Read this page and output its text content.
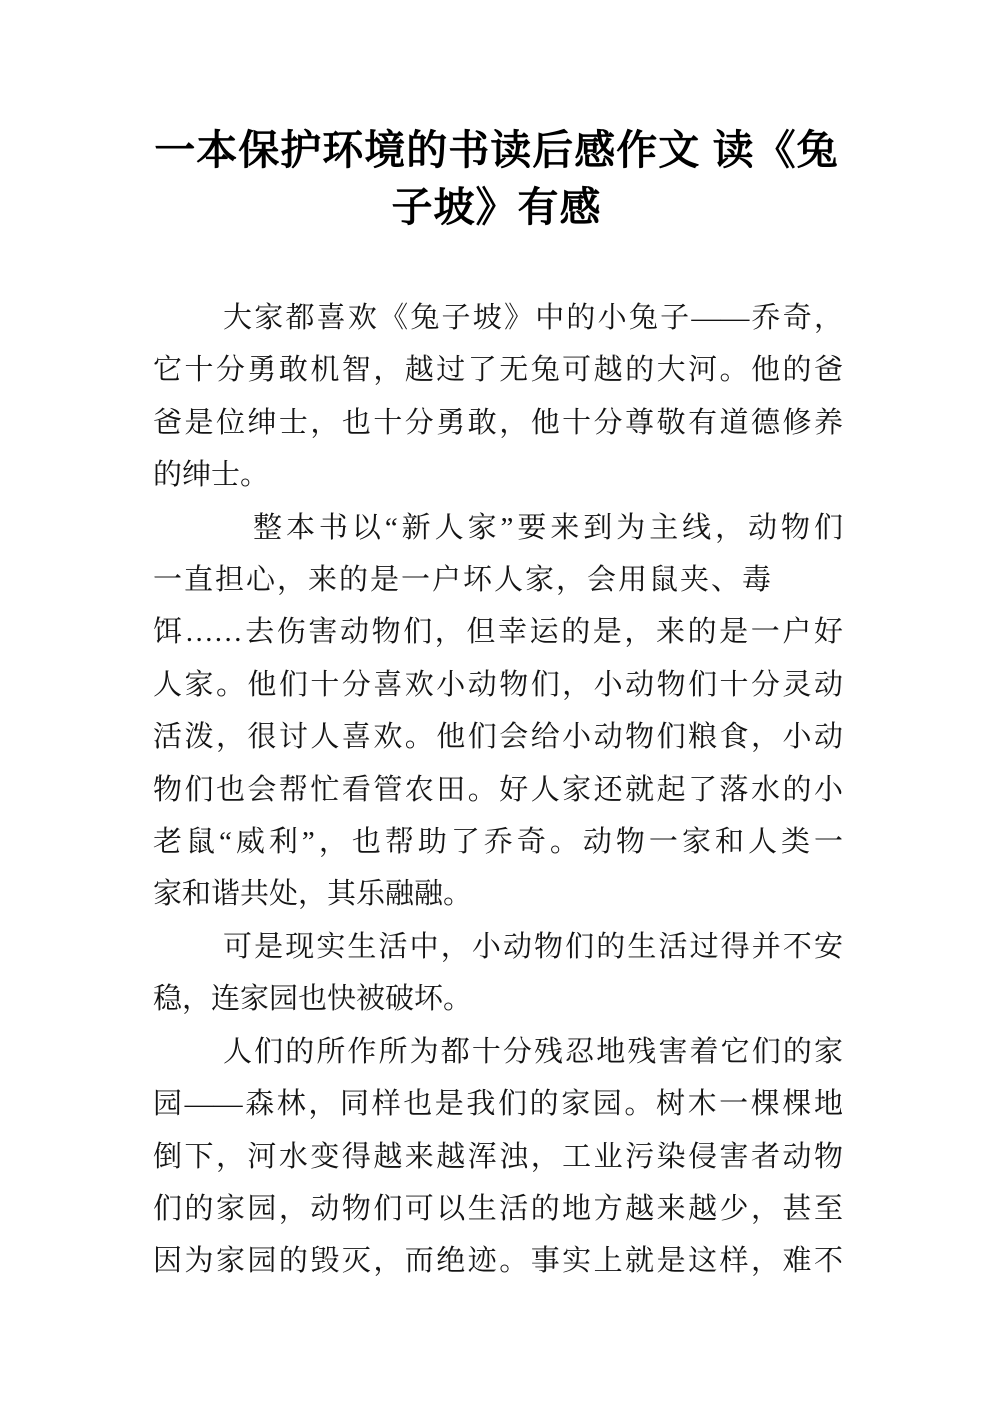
一本保护环境的书读后感作文 读《兔
子坡》有感
大家都喜欢《兔子坡》中的小兔子——乔奇，
它十分勇敢机智，越过了无兔可越的大河。他的爸
爸是位绅士，也十分勇敢，他十分尊敬有道德修养
的绅士。
整本书以“新人家”要来到为主线，动物们
一直担心，来的是一户坏人家，会用鼠夹、毒
饵……去伤害动物们，但幸运的是，来的是一户好
人家。他们十分喜欢小动物们，小动物们十分灵动
活泼，很讨人喜欢。他们会给小动物们粮食，小动
物们也会帮忙看管农田。好人家还就起了落水的小
老鼠“威利”，也帮助了乔奇。动物一家和人类一
家和谐共处，其乐融融。
可是现实生活中，小动物们的生活过得并不安
稳，连家园也快被破坏。
人们的所作所为都十分残忍地残害着它们的家
园——森林，同样也是我们的家园。树木一棵棵地
倒下，河水变得越来越浑浊，工业污染侵害者动物
们的家园，动物们可以生活的地方越来越少，甚至
因为家园的毁灭，而绝迹。事实上就是这样，难不
